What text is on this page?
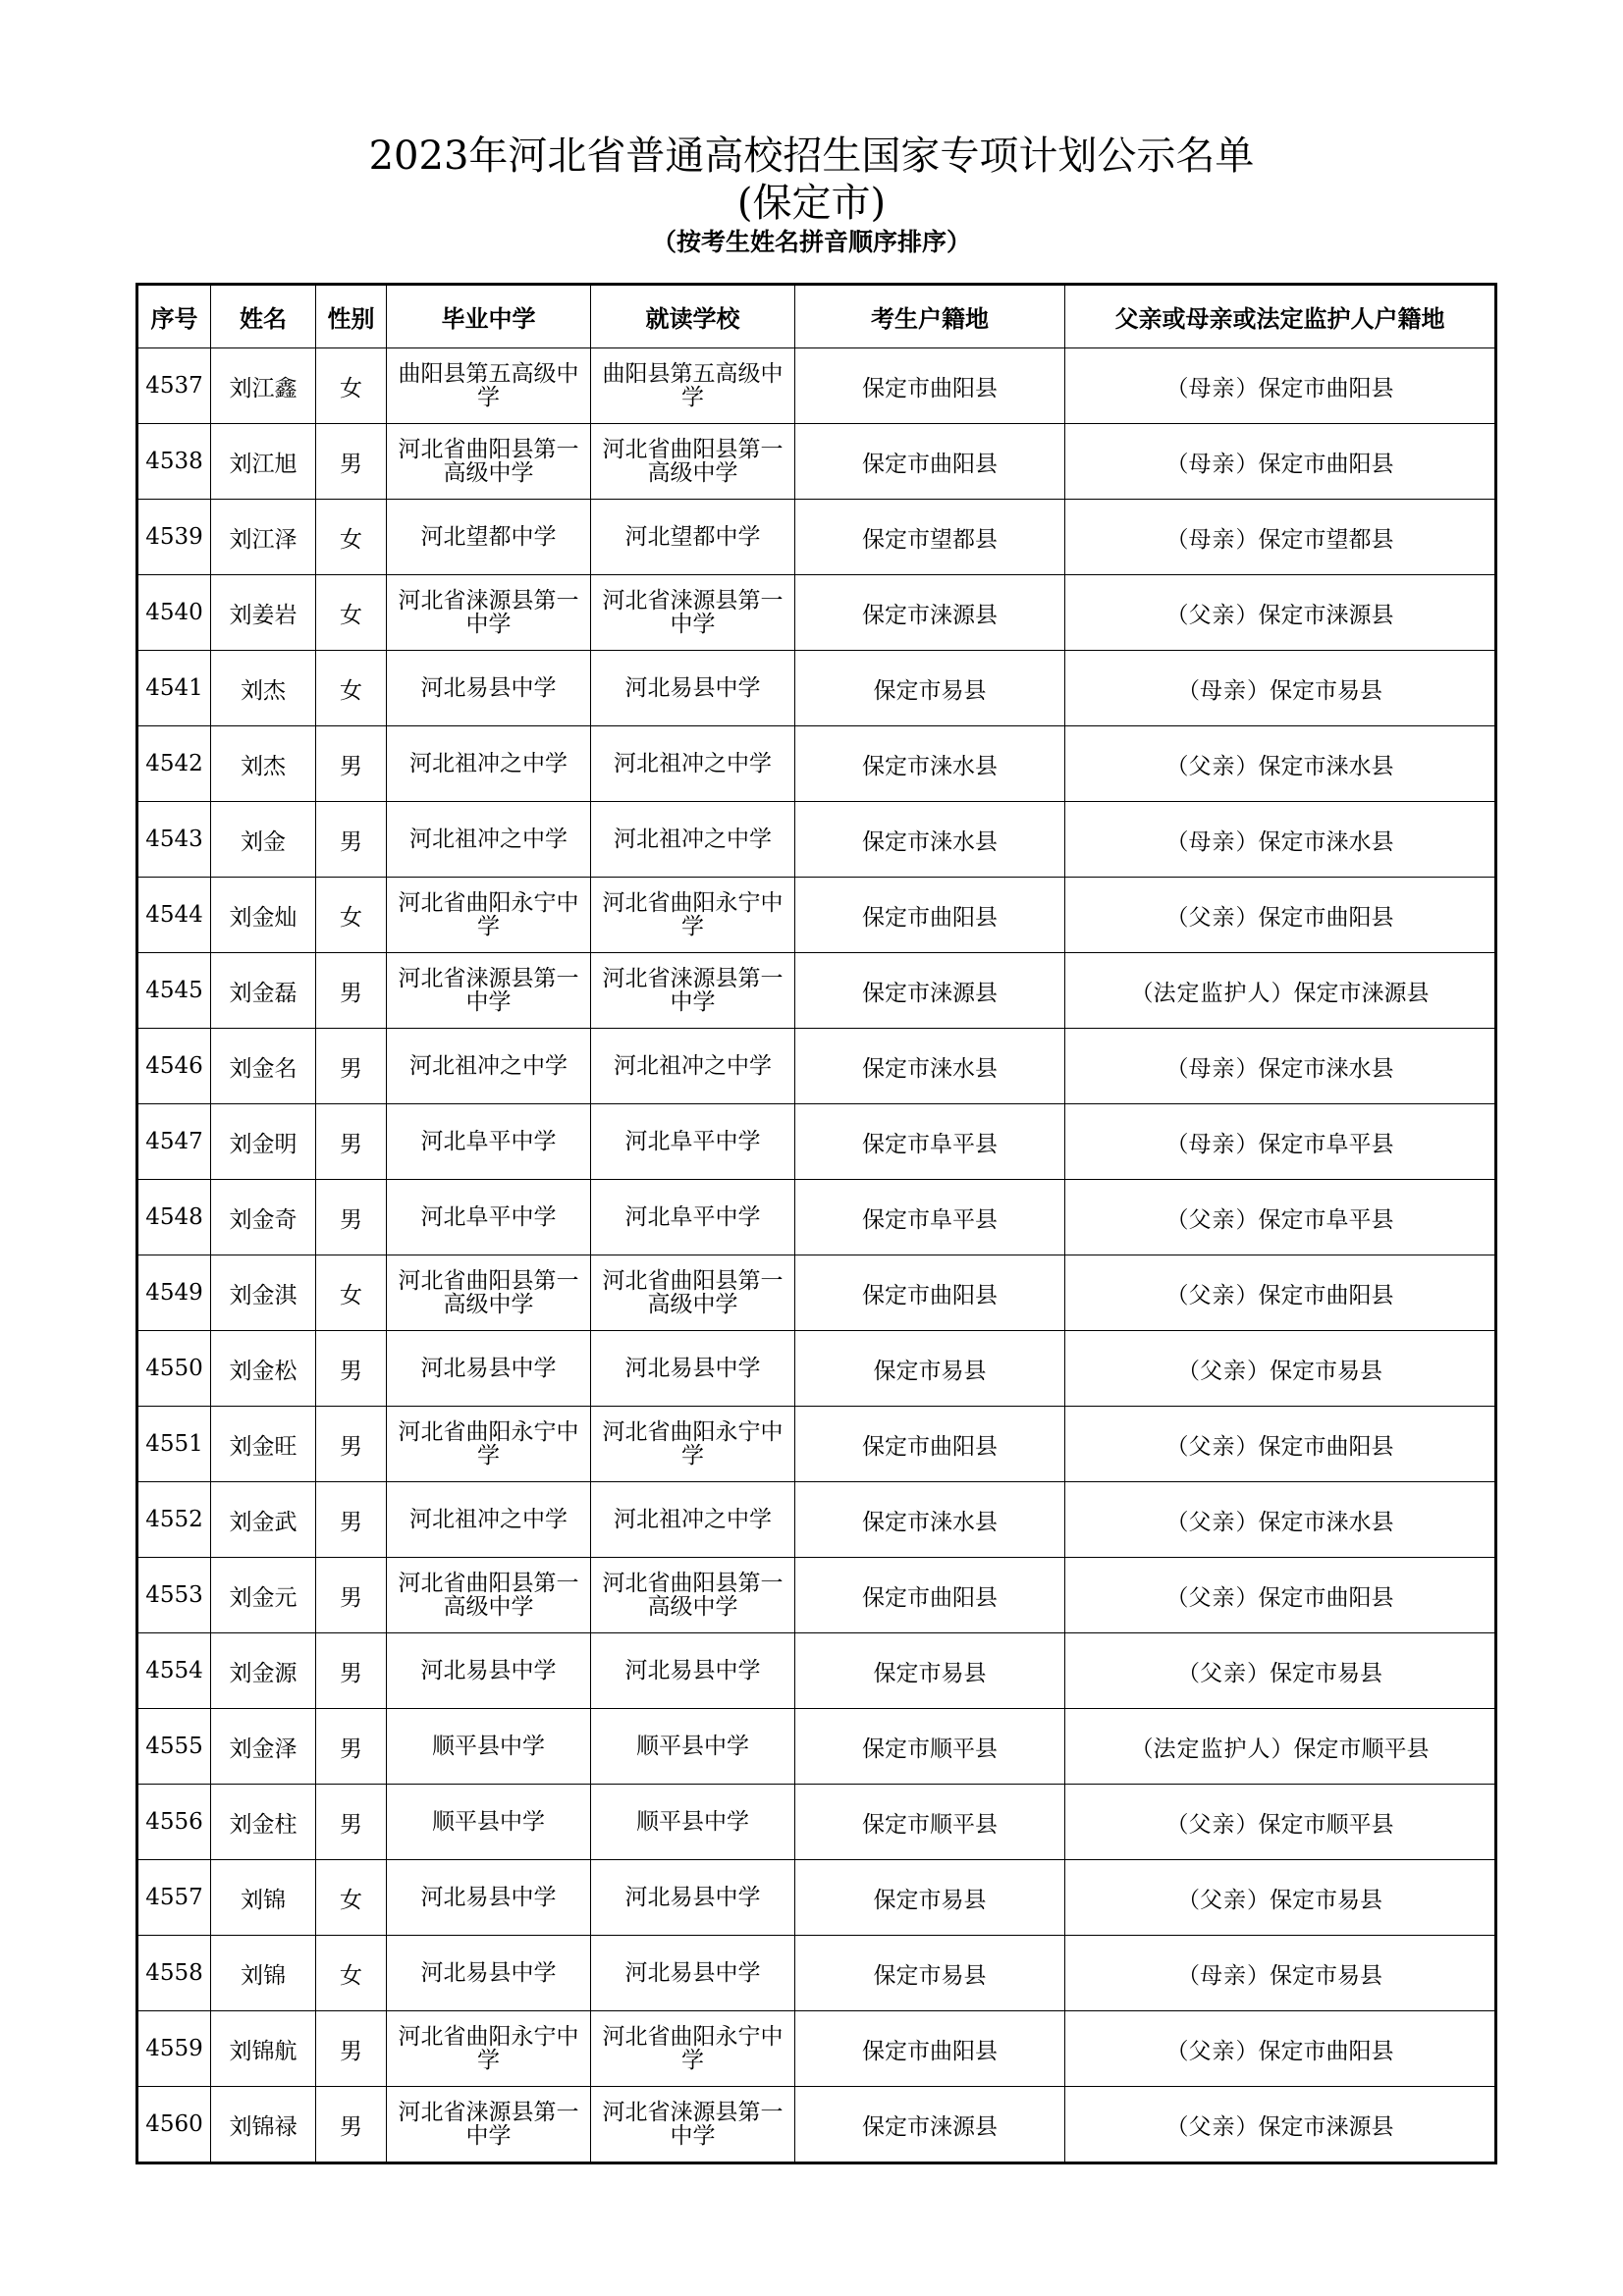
2023年河北省普通高校招生国家专项计划公示名单
(保定市)
（按考生姓名拼音顺序排序）
序号	姓名	性别	毕业中学	就读学校	考生户籍地	父亲或母亲或法定监护人户籍地
4537	刘江鑫	女	曲阳县第五高级中学	曲阳县第五高级中学	保定市曲阳县	（母亲）保定市曲阳县
4538	刘江旭	男	河北省曲阳县第一高级中学	河北省曲阳县第一高级中学	保定市曲阳县	（母亲）保定市曲阳县
4539	刘江泽	女	河北望都中学	河北望都中学	保定市望都县	（母亲）保定市望都县
4540	刘姜岩	女	河北省涞源县第一中学	河北省涞源县第一中学	保定市涞源县	（父亲）保定市涞源县
4541	刘杰	女	河北易县中学	河北易县中学	保定市易县	（母亲）保定市易县
4542	刘杰	男	河北祖冲之中学	河北祖冲之中学	保定市涞水县	（父亲）保定市涞水县
4543	刘金	男	河北祖冲之中学	河北祖冲之中学	保定市涞水县	（母亲）保定市涞水县
4544	刘金灿	女	河北省曲阳永宁中学	河北省曲阳永宁中学	保定市曲阳县	（父亲）保定市曲阳县
4545	刘金磊	男	河北省涞源县第一中学	河北省涞源县第一中学	保定市涞源县	（法定监护人）保定市涞源县
4546	刘金名	男	河北祖冲之中学	河北祖冲之中学	保定市涞水县	（母亲）保定市涞水县
4547	刘金明	男	河北阜平中学	河北阜平中学	保定市阜平县	（母亲）保定市阜平县
4548	刘金奇	男	河北阜平中学	河北阜平中学	保定市阜平县	（父亲）保定市阜平县
4549	刘金淇	女	河北省曲阳县第一高级中学	河北省曲阳县第一高级中学	保定市曲阳县	（父亲）保定市曲阳县
4550	刘金松	男	河北易县中学	河北易县中学	保定市易县	（父亲）保定市易县
4551	刘金旺	男	河北省曲阳永宁中学	河北省曲阳永宁中学	保定市曲阳县	（父亲）保定市曲阳县
4552	刘金武	男	河北祖冲之中学	河北祖冲之中学	保定市涞水县	（父亲）保定市涞水县
4553	刘金元	男	河北省曲阳县第一高级中学	河北省曲阳县第一高级中学	保定市曲阳县	（父亲）保定市曲阳县
4554	刘金源	男	河北易县中学	河北易县中学	保定市易县	（父亲）保定市易县
4555	刘金泽	男	顺平县中学	顺平县中学	保定市顺平县	（法定监护人）保定市顺平县
4556	刘金柱	男	顺平县中学	顺平县中学	保定市顺平县	（父亲）保定市顺平县
4557	刘锦	女	河北易县中学	河北易县中学	保定市易县	（父亲）保定市易县
4558	刘锦	女	河北易县中学	河北易县中学	保定市易县	（母亲）保定市易县
4559	刘锦航	男	河北省曲阳永宁中学	河北省曲阳永宁中学	保定市曲阳县	（父亲）保定市曲阳县
4560	刘锦禄	男	河北省涞源县第一中学	河北省涞源县第一中学	保定市涞源县	（父亲）保定市涞源县
